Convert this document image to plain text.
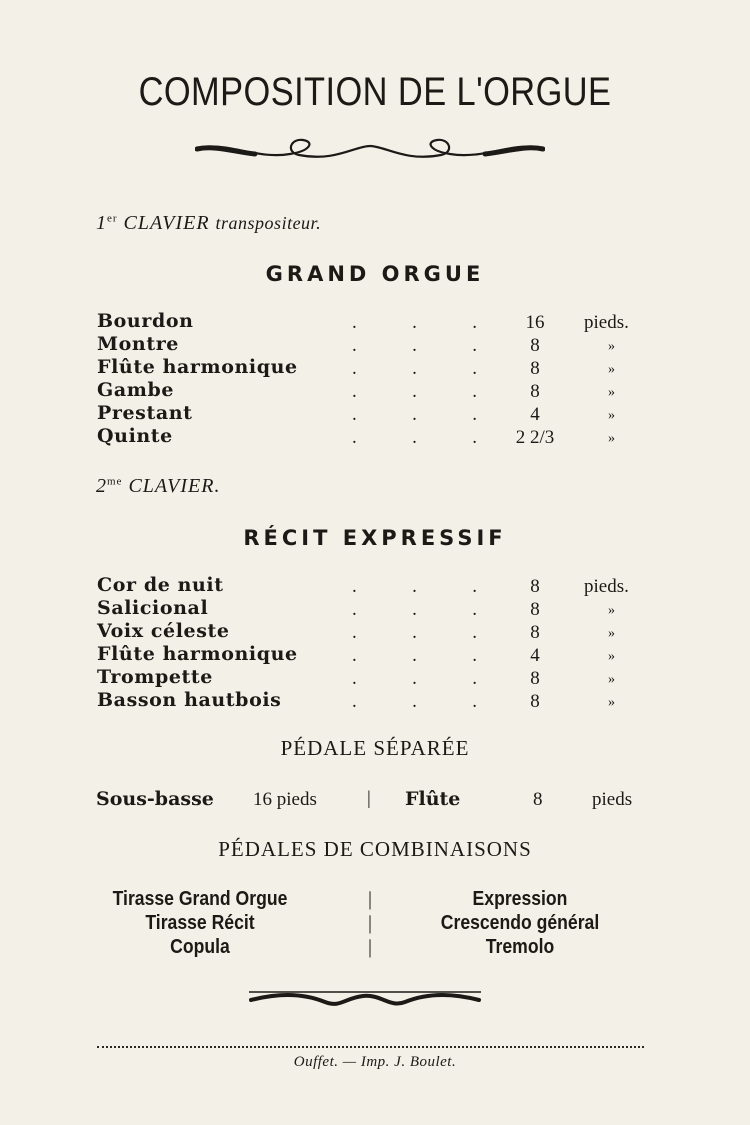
COMPOSITION DE L'ORGUE
1er CLAVIER transpositeur.
GRAND ORGUE
Bourdon	.	.	.	16	pieds.
Montre	.	.	.	8	»
Flûte harmonique	.	.	.	8	»
Gambe	.	.	.	8	»
Prestant	.	.	.	4	»
Quinte	.	.	.	2 2/3	»
$2^{me}$ CLAVIER.
RÉCIT EXPRESSIF
Cor de nuit	.	.	.	8	pieds.
Salicional	.	.	.	8	»
Voix céleste	.	.	.	8	»
Flûte harmonique	.	.	.	4	»
Trompette	.	.	.	8	»
Basson hautbois	.	.	.	8	»
PÉDALE SÉPARÉE
Sous-basse 16 pieds	| Flûte	8	pieds
PÉDALES DE COMBINAISONS
Tirasse Grand Orgue	|	Expression
Tirasse Récit	|	Crescendo général
Copula	|	Tremolo
Ouffet. — Imp. J. Boulet.
